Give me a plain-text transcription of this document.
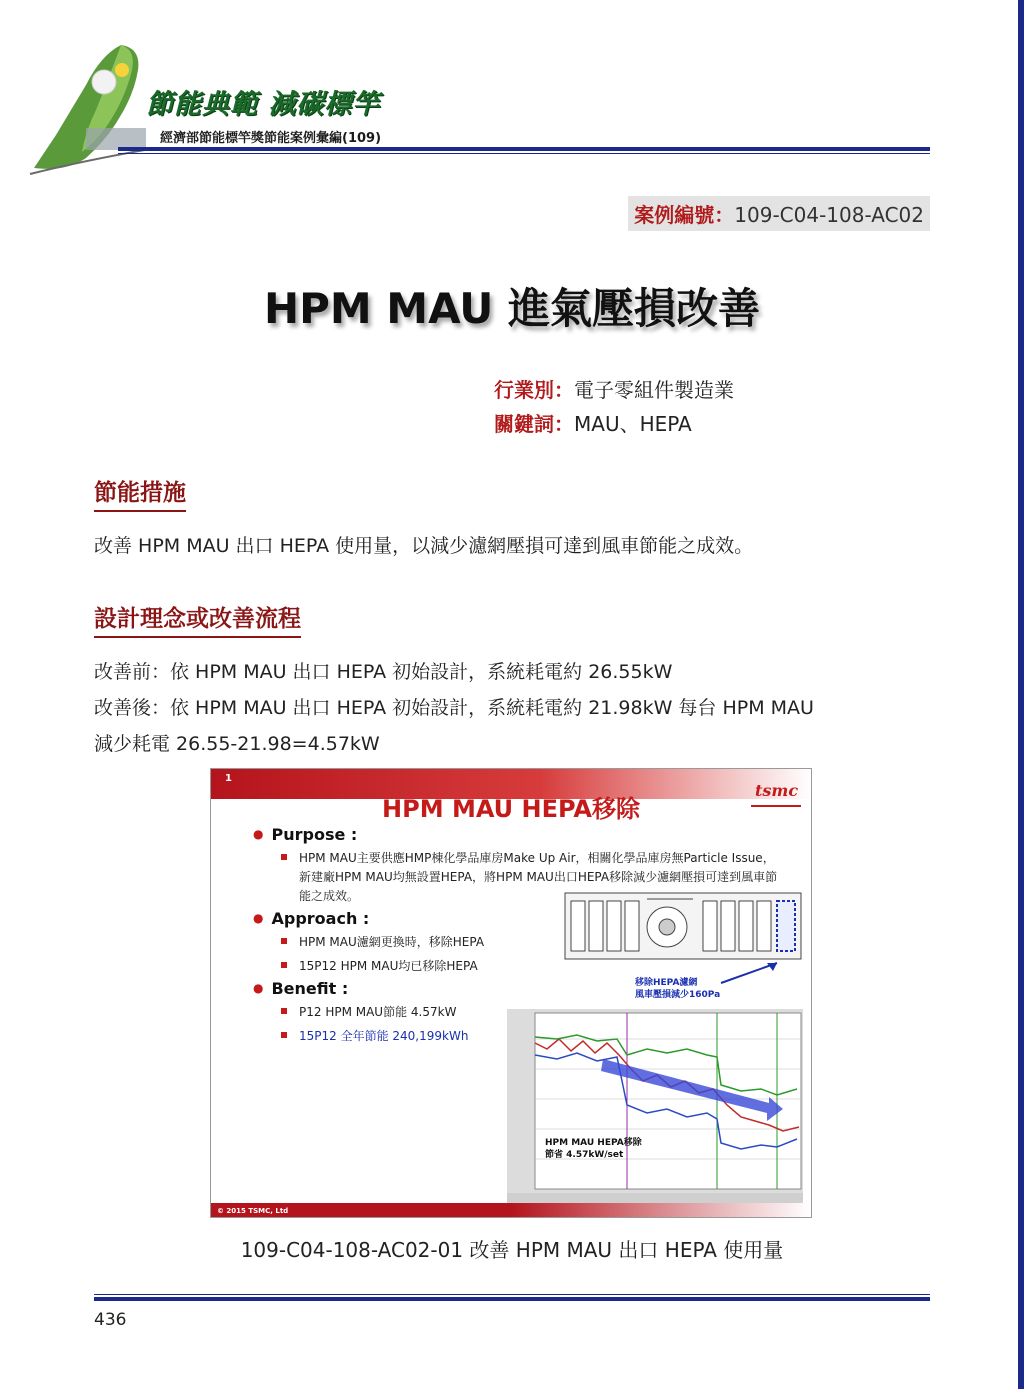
節能典範 減碳標竿
經濟部節能標竿獎節能案例彙編(109)
案例編號：109-C04-108-AC02
HPM MAU 進氣壓損改善
行業別：電子零組件製造業
關鍵詞：MAU、HEPA
節能措施
改善 HPM MAU 出口 HEPA 使用量，以減少濾網壓損可達到風車節能之成效。
設計理念或改善流程
改善前：依 HPM MAU 出口 HEPA 初始設計，系統耗電約 26.55kW
改善後：依 HPM MAU 出口 HEPA 初始設計，系統耗電約 21.98kW 每台 HPM MAU
減少耗電 26.55-21.98=4.57kW
1
HPM MAU HEPA移除
tsmc
● Purpose :
HPM MAU主要供應HMP棟化學品庫房Make Up Air，相關化學品庫房無Particle Issue，新建廠HPM MAU均無設置HEPA，將HPM MAU出口HEPA移除減少濾網壓損可達到風車節能之成效。
● Approach :
HPM MAU濾網更換時，移除HEPA
15P12 HPM MAU均已移除HEPA
● Benefit :
P12 HPM MAU節能 4.57kW
15P12 全年節能 240,199kWh
移除HEPA濾網
風車壓損減少160Pa
HPM MAU HEPA移除
節省 4.57kW/set
© 2015 TSMC, Ltd
109-C04-108-AC02-01 改善 HPM MAU 出口 HEPA 使用量
436
